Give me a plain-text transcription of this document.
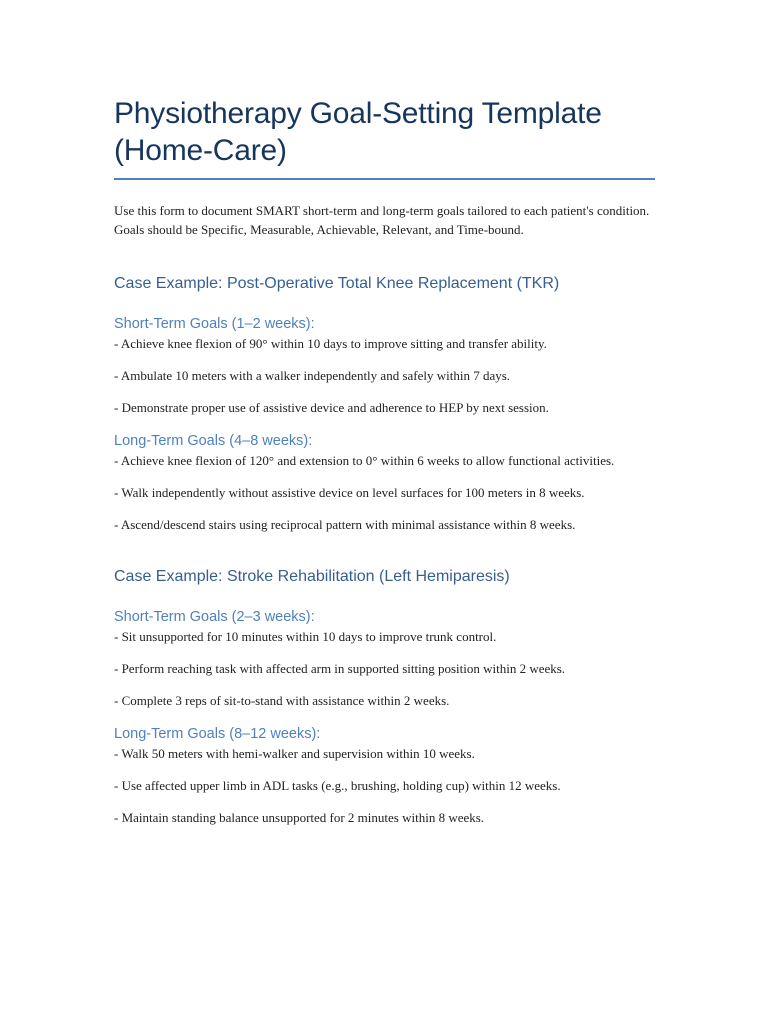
Physiotherapy Goal-Setting Template (Home-Care)

Use this form to document SMART short-term and long-term goals tailored to each patient's condition. Goals should be Specific, Measurable, Achievable, Relevant, and Time-bound.

Case Example: Post-Operative Total Knee Replacement (TKR)
Short-Term Goals (1–2 weeks):

- Achieve knee flexion of 90° within 10 days to improve sitting and transfer ability.

- Ambulate 10 meters with a walker independently and safely within 7 days.

- Demonstrate proper use of assistive device and adherence to HEP by next session.

Long-Term Goals (4–8 weeks):

- Achieve knee flexion of 120° and extension to 0° within 6 weeks to allow functional activities.

- Walk independently without assistive device on level surfaces for 100 meters in 8 weeks.

- Ascend/descend stairs using reciprocal pattern with minimal assistance within 8 weeks.

Case Example: Stroke Rehabilitation (Left Hemiparesis)
Short-Term Goals (2–3 weeks):

- Sit unsupported for 10 minutes within 10 days to improve trunk control.

- Perform reaching task with affected arm in supported sitting position within 2 weeks.

- Complete 3 reps of sit-to-stand with assistance within 2 weeks.

Long-Term Goals (8–12 weeks):

- Walk 50 meters with hemi-walker and supervision within 10 weeks.

- Use affected upper limb in ADL tasks (e.g., brushing, holding cup) within 12 weeks.

- Maintain standing balance unsupported for 2 minutes within 8 weeks.
